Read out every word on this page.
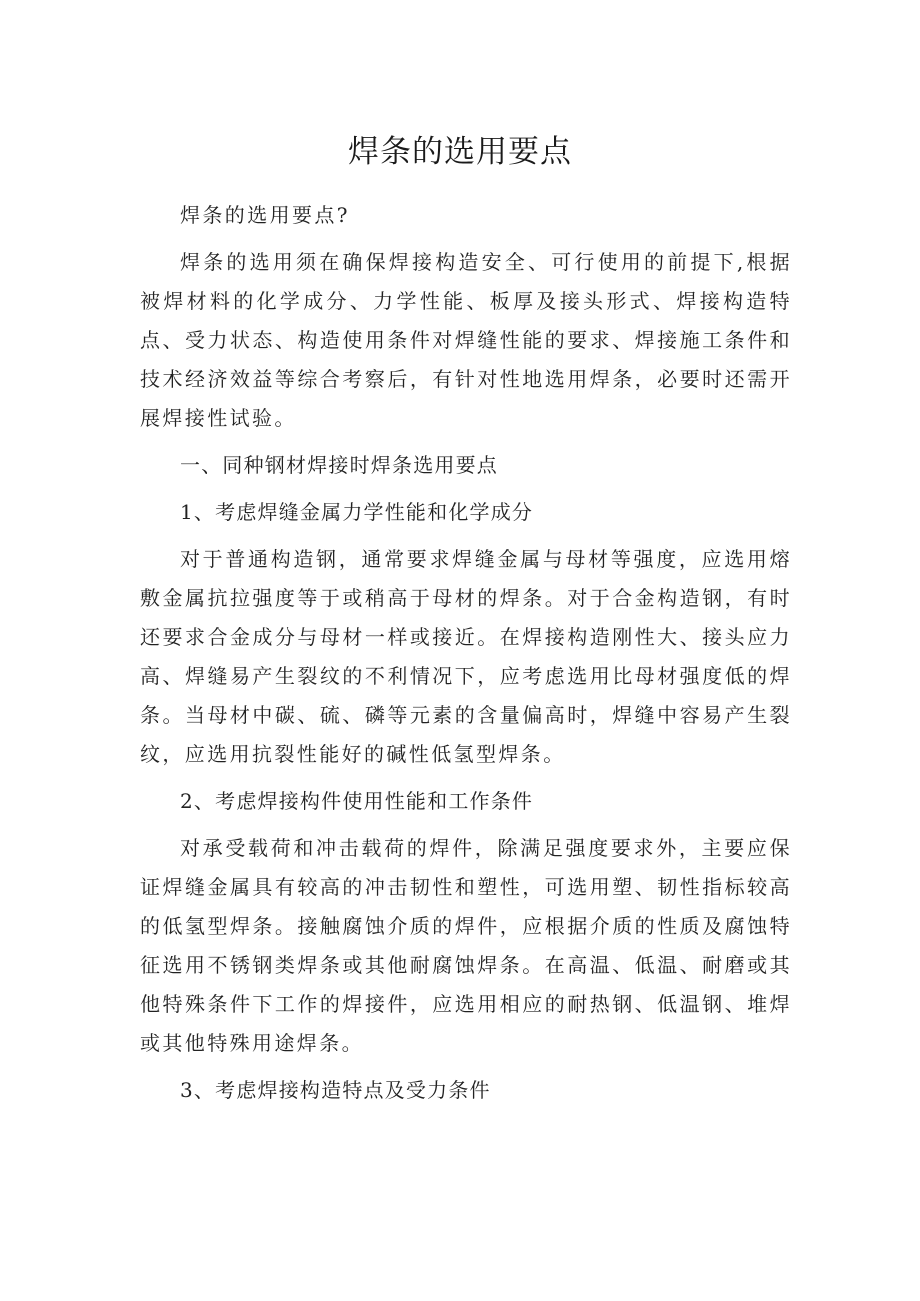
焊条的选用要点

焊条的选用要点?

焊条的选用须在确保焊接构造安全、可行使用的前提下,根据被焊材料的化学成分、力学性能、板厚及接头形式、焊接构造特点、受力状态、构造使用条件对焊缝性能的要求、焊接施工条件和技术经济效益等综合考察后，有针对性地选用焊条，必要时还需开展焊接性试验。

一、同种钢材焊接时焊条选用要点

1、考虑焊缝金属力学性能和化学成分

对于普通构造钢，通常要求焊缝金属与母材等强度，应选用熔敷金属抗拉强度等于或稍高于母材的焊条。对于合金构造钢，有时还要求合金成分与母材一样或接近。在焊接构造刚性大、接头应力高、焊缝易产生裂纹的不利情况下，应考虑选用比母材强度低的焊条。当母材中碳、硫、磷等元素的含量偏高时，焊缝中容易产生裂纹，应选用抗裂性能好的碱性低氢型焊条。

2、考虑焊接构件使用性能和工作条件

对承受载荷和冲击载荷的焊件，除满足强度要求外，主要应保证焊缝金属具有较高的冲击韧性和塑性，可选用塑、韧性指标较高的低氢型焊条。接触腐蚀介质的焊件，应根据介质的性质及腐蚀特征选用不锈钢类焊条或其他耐腐蚀焊条。在高温、低温、耐磨或其他特殊条件下工作的焊接件，应选用相应的耐热钢、低温钢、堆焊或其他特殊用途焊条。

3、考虑焊接构造特点及受力条件
